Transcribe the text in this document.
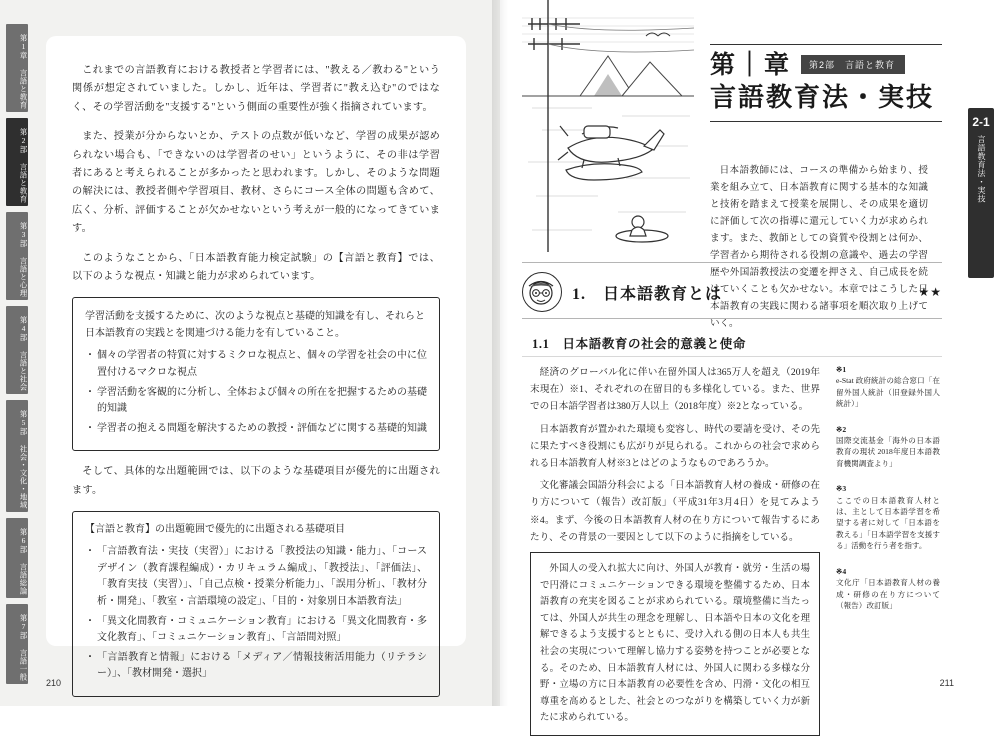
第1章 言語と教育
第2部 言語と教育
第3部 言語と心理
第4部 言語と社会
第5部 社会・文化・地域
第6部 言語総論
第7部 言語一般

これまでの言語教育における教授者と学習者には、"教える／教わる"という関係が想定されていました。しかし、近年は、学習者に"教え込む"のではなく、その学習活動を"支援する"という側面の重要性が強く指摘されています。

また、授業が分からないとか、テストの点数が低いなど、学習の成果が認められない場合も、「できないのは学習者のせい」というように、その非は学習者にあると考えられることが多かったと思われます。しかし、そのような問題の解決には、教授者側や学習項目、教材、さらにコース全体の問題も含めて、広く、分析、評価することが欠かせないという考えが一般的になってきています。

このようなことから、「日本語教育能力検定試験」の【言語と教育】では、以下のような視点・知識と能力が求められています。

学習活動を支援するために、次のような視点と基礎的知識を有し、それらと日本語教育の実践とを関連づける能力を有していること。

・ 個々の学習者の特質に対するミクロな視点と、個々の学習を社会の中に位置付けるマクロな視点
・ 学習活動を客観的に分析し、全体および個々の所在を把握するための基礎的知識
・ 学習者の抱える問題を解決するための教授・評価などに関する基礎的知識

そして、具体的な出題範囲では、以下のような基礎項目が優先的に出題されます。

【言語と教育】の出題範囲で優先的に出題される基礎項目

・ 「言語教育法・実技（実習）」における「教授法の知識・能力」、「コースデザイン（教育課程編成）・カリキュラム編成」、「教授法」、「評価法」、「教育実技（実習）」、「自己点検・授業分析能力」、「誤用分析」、「教材分析・開発」、「教室・言語環境の設定」、「目的・対象別日本語教育法」
・ 「異文化間教育・コミュニケーション教育」における「異文化間教育・多文化教育」、「コミュニケーション教育」、「言語間対照」
・ 「言語教育と情報」における「メディア／情報技術活用能力（リテラシー）」、「教材開発・選択」
210
第｜章	第2部　言語と教育
言語教育法・実技

日本語教師には、コースの準備から始まり、授業を組み立て、日本語教育に関する基本的な知識と技術を踏まえて授業を展開し、その成果を適切に評価して次の指導に還元していく力が求められます。また、教師としての資質や役割とは何か、学習者から期待される役割の意識や、過去の学習歴や外国語教授法の変遷を押さえ、自己成長を続けていくことも欠かせない。本章ではこうした日本語教育の実践に関わる諸事項を順次取り上げていく。

2-1
言語教育法・実技
1.　日本語教育とは	★★
1.1　日本語教育の社会的意義と使命

経済のグローバル化に伴い在留外国人は365万人を超え（2019年末現在）※1、それぞれの在留目的も多様化している。また、世界での日本語学習者は380万人以上（2018年度）※2となっている。

日本語教育が置かれた環境も変容し、時代の要請を受け、その先に果たすべき役割にも広がりが見られる。これからの社会で求められる日本語教育人材※3とはどのようなものであろうか。

文化審議会国語分科会による「日本語教育人材の養成・研修の在り方について（報告）改訂版」（平成31年3月4日）を見てみよう※4。まず、今後の日本語教育人材の在り方について報告するにあたり、その背景の一要因として以下のように指摘をしている。

外国人の受入れ拡大に向け、外国人が教育・就労・生活の場で円滑にコミュニケーションできる環境を整備するため、日本語教育の充実を図ることが求められている。環境整備に当たっては、外国人が共生の理念を理解し、日本語や日本の文化を理解できるよう支援するとともに、受け入れる側の日本人も共生社会の実現について理解し協力する姿勢を持つことが必要となる。そのため、日本語教育人材には、外国人に関わる多様な分野・立場の方に日本語教育の必要性を含め、円滑・文化の相互尊重を高めるとした、社会とのつながりを構築していく力が新たに求められている。

※1
e-Stat 政府統計の総合窓口「在留外国人統計（旧登録外国人統計）」
※2
国際交流基金「海外の日本語教育の現状 2018年度日本語教育機関調査より」
※3
ここでの日本語教育人材とは、主として日本語学習を希望する者に対して「日本語を教える」「日本語学習を支援する」活動を行う者を指す。
※4
文化庁「日本語教育人材の養成・研修の在り方について（報告）改訂版」
211
